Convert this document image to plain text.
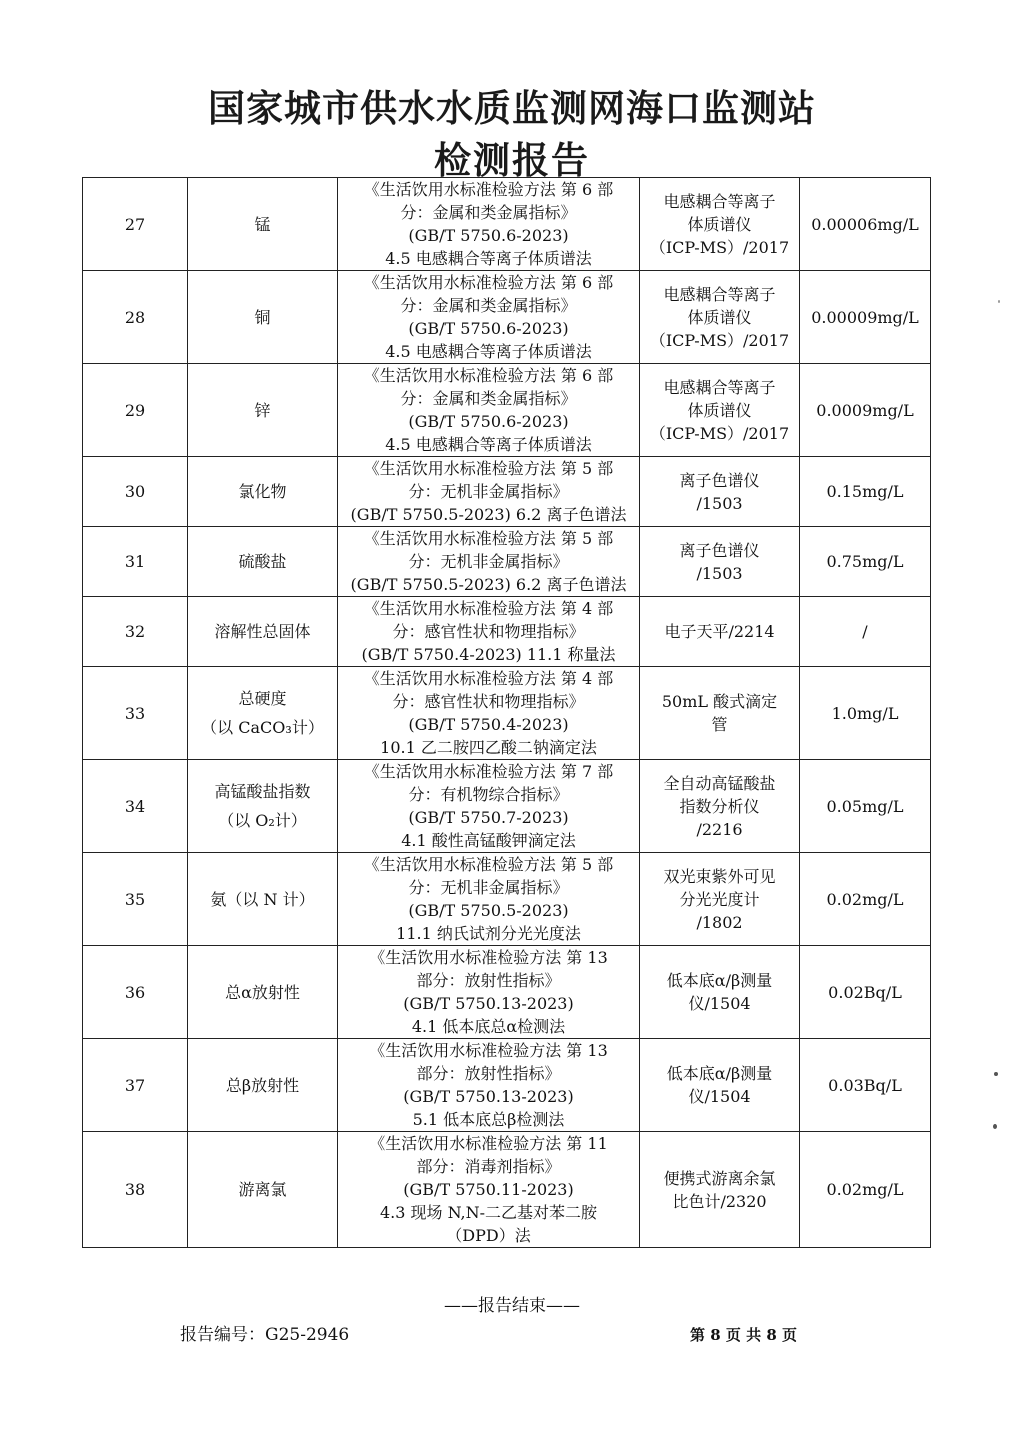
国家城市供水水质监测网海口监测站
检测报告
27	锰	《生活饮用水标准检验方法 第 6 部
分：金属和类金属指标》
(GB/T 5750.6-2023)
4.5 电感耦合等离子体质谱法	电感耦合等离子
体质谱仪
（ICP-MS）/2017	0.00006mg/L
28	铜	《生活饮用水标准检验方法 第 6 部
分：金属和类金属指标》
(GB/T 5750.6-2023)
4.5 电感耦合等离子体质谱法	电感耦合等离子
体质谱仪
（ICP-MS）/2017	0.00009mg/L
29	锌	《生活饮用水标准检验方法 第 6 部
分：金属和类金属指标》
(GB/T 5750.6-2023)
4.5 电感耦合等离子体质谱法	电感耦合等离子
体质谱仪
（ICP-MS）/2017	0.0009mg/L
30	氯化物	《生活饮用水标准检验方法 第 5 部
分：无机非金属指标》
(GB/T 5750.5-2023) 6.2 离子色谱法	离子色谱仪
/1503	0.15mg/L
31	硫酸盐	《生活饮用水标准检验方法 第 5 部
分：无机非金属指标》
(GB/T 5750.5-2023) 6.2 离子色谱法	离子色谱仪
/1503	0.75mg/L
32	溶解性总固体	《生活饮用水标准检验方法 第 4 部
分：感官性状和物理指标》
(GB/T 5750.4-2023) 11.1 称量法	电子天平/2214	/
33	总硬度
（以 CaCO₃计）	《生活饮用水标准检验方法 第 4 部
分：感官性状和物理指标》
(GB/T 5750.4-2023)
10.1 乙二胺四乙酸二钠滴定法	50mL 酸式滴定
管	1.0mg/L
34	高锰酸盐指数
（以 O₂计）	《生活饮用水标准检验方法 第 7 部
分：有机物综合指标》
(GB/T 5750.7-2023)
4.1 酸性高锰酸钾滴定法	全自动高锰酸盐
指数分析仪
/2216	0.05mg/L
35	氨（以 N 计）	《生活饮用水标准检验方法 第 5 部
分：无机非金属指标》
(GB/T 5750.5-2023)
11.1 纳氏试剂分光光度法	双光束紫外可见
分光光度计
/1802	0.02mg/L
36	总α放射性	《生活饮用水标准检验方法 第 13
部分：放射性指标》
(GB/T 5750.13-2023)
4.1 低本底总α检测法	低本底α/β测量
仪/1504	0.02Bq/L
37	总β放射性	《生活饮用水标准检验方法 第 13
部分：放射性指标》
(GB/T 5750.13-2023)
5.1 低本底总β检测法	低本底α/β测量
仪/1504	0.03Bq/L
38	游离氯	《生活饮用水标准检验方法 第 11
部分：消毒剂指标》
(GB/T 5750.11-2023)
4.3 现场 N,N-二乙基对苯二胺
（DPD）法	便携式游离余氯
比色计/2320	0.02mg/L
——报告结束——
报告编号：G25-2946	第 8 页 共 8 页
